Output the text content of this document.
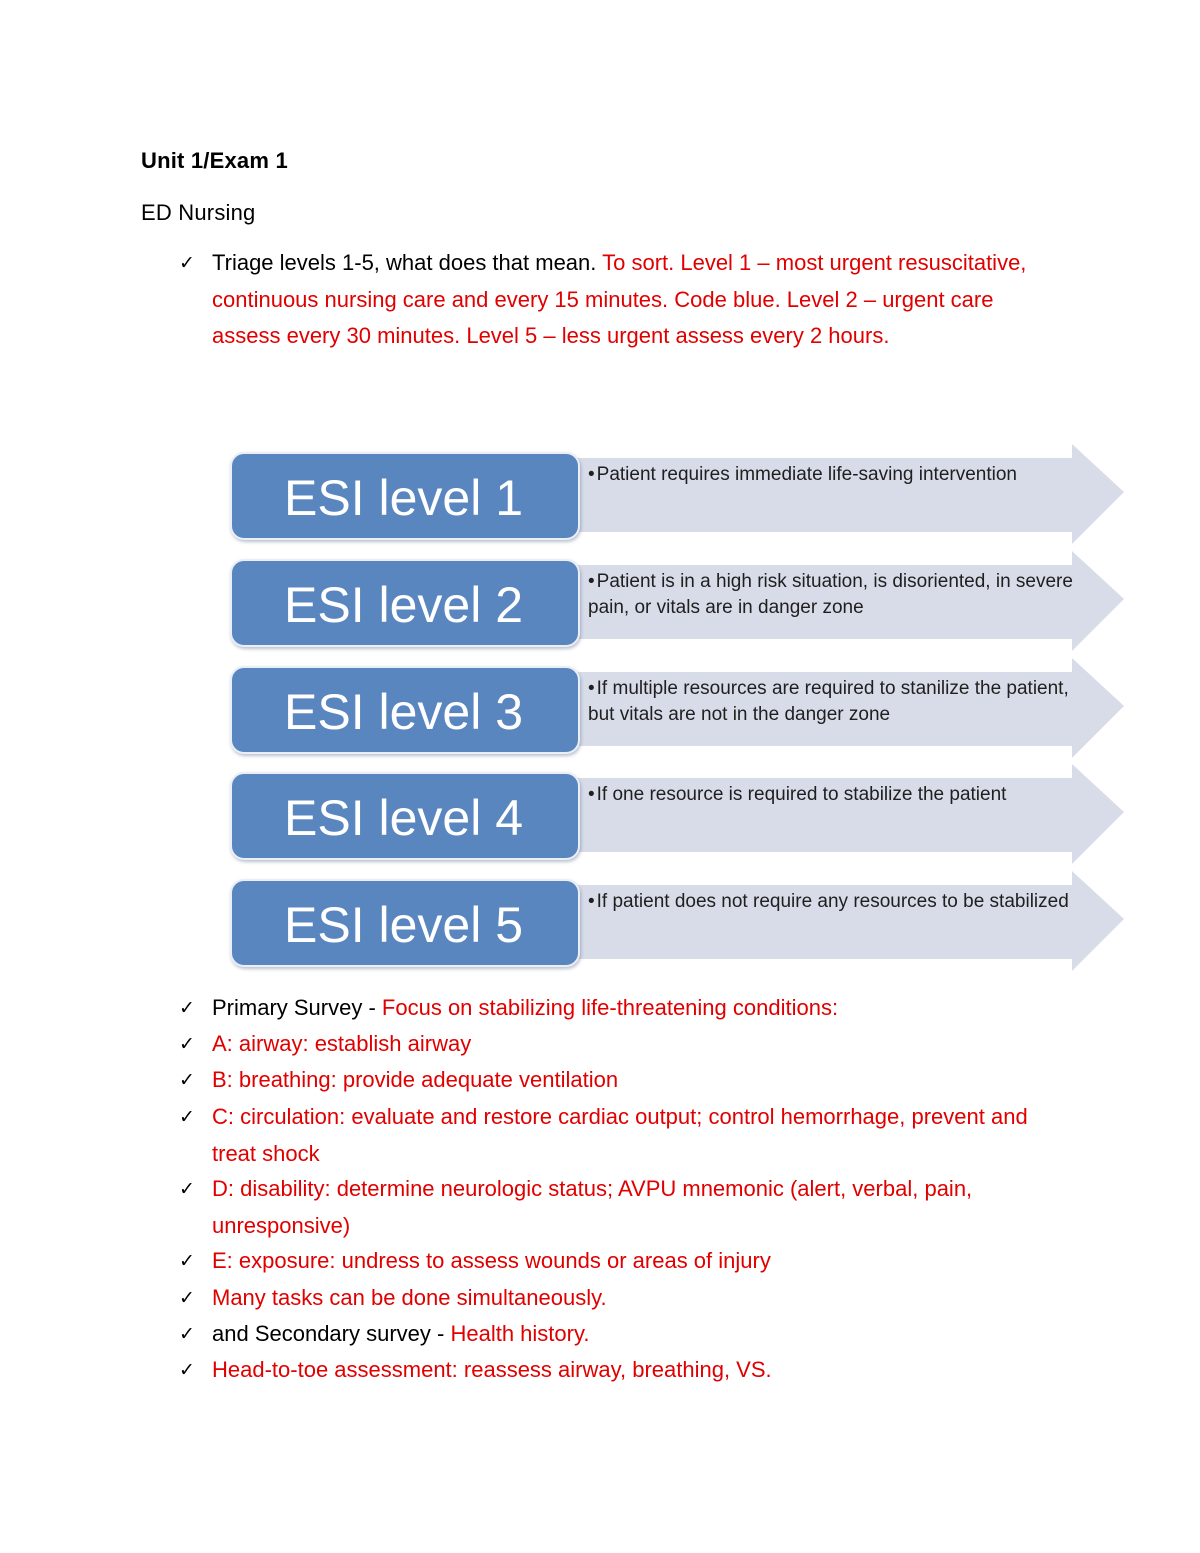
Unit 1/Exam 1
ED Nursing
✓ Triage levels 1-5, what does that mean. To sort. Level 1 – most urgent resuscitative, continuous nursing care and every 15 minutes. Code blue. Level 2 – urgent care assess every 30 minutes. Level 5 – less urgent assess every 2 hours.
ESI level 1	• Patient requires immediate life-saving intervention
ESI level 2	• Patient is in a high risk situation, is disoriented, in severe pain, or vitals are in danger zone
ESI level 3	• If multiple resources are required to stanilize the patient, but vitals are not in the danger zone
ESI level 4	• If one resource is required to stabilize the patient
ESI level 5	• If patient does not require any resources to be stabilized
✓ Primary Survey - Focus on stabilizing life-threatening conditions:
✓ A: airway: establish airway
✓ B: breathing: provide adequate ventilation
✓ C: circulation: evaluate and restore cardiac output; control hemorrhage, prevent and treat shock
✓ D: disability: determine neurologic status; AVPU mnemonic (alert, verbal, pain, unresponsive)
✓ E: exposure: undress to assess wounds or areas of injury
✓ Many tasks can be done simultaneously.
✓ and Secondary survey - Health history.
✓ Head-to-toe assessment: reassess airway, breathing, VS.
